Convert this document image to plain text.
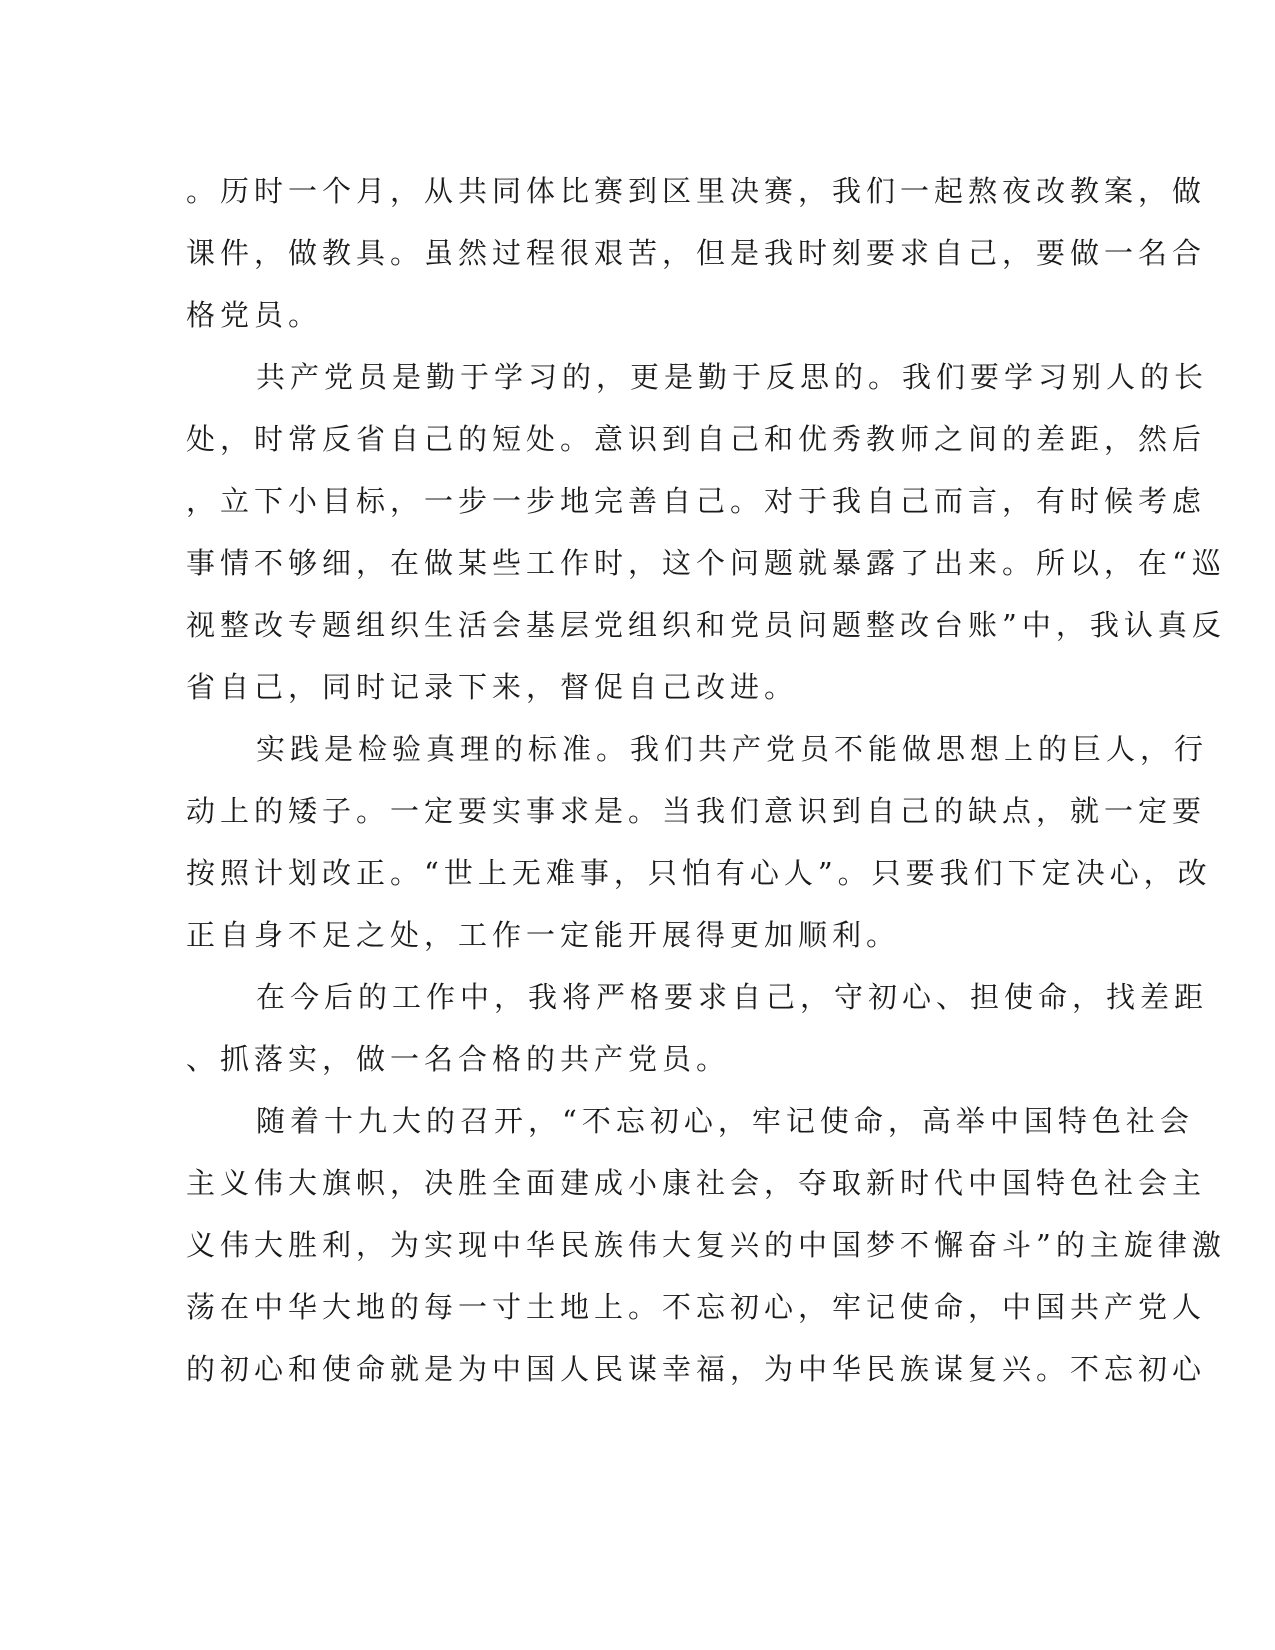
。历时一个月，从共同体比赛到区里决赛，我们一起熬夜改教案，做
课件，做教具。虽然过程很艰苦，但是我时刻要求自己，要做一名合
格党员。
共产党员是勤于学习的，更是勤于反思的。我们要学习别人的长
处，时常反省自己的短处。意识到自己和优秀教师之间的差距，然后
，立下小目标，一步一步地完善自己。对于我自己而言，有时候考虑
事情不够细，在做某些工作时，这个问题就暴露了出来。所以，在“巡
视整改专题组织生活会基层党组织和党员问题整改台账”中，我认真反
省自己，同时记录下来，督促自己改进。
实践是检验真理的标准。我们共产党员不能做思想上的巨人，行
动上的矮子。一定要实事求是。当我们意识到自己的缺点，就一定要
按照计划改正。“世上无难事，只怕有心人”。只要我们下定决心，改
正自身不足之处，工作一定能开展得更加顺利。
在今后的工作中，我将严格要求自己，守初心、担使命，找差距
、抓落实，做一名合格的共产党员。
随着十九大的召开，“不忘初心，牢记使命，高举中国特色社会
主义伟大旗帜，决胜全面建成小康社会，夺取新时代中国特色社会主
义伟大胜利，为实现中华民族伟大复兴的中国梦不懈奋斗”的主旋律激
荡在中华大地的每一寸土地上。不忘初心，牢记使命，中国共产党人
的初心和使命就是为中国人民谋幸福，为中华民族谋复兴。不忘初心
